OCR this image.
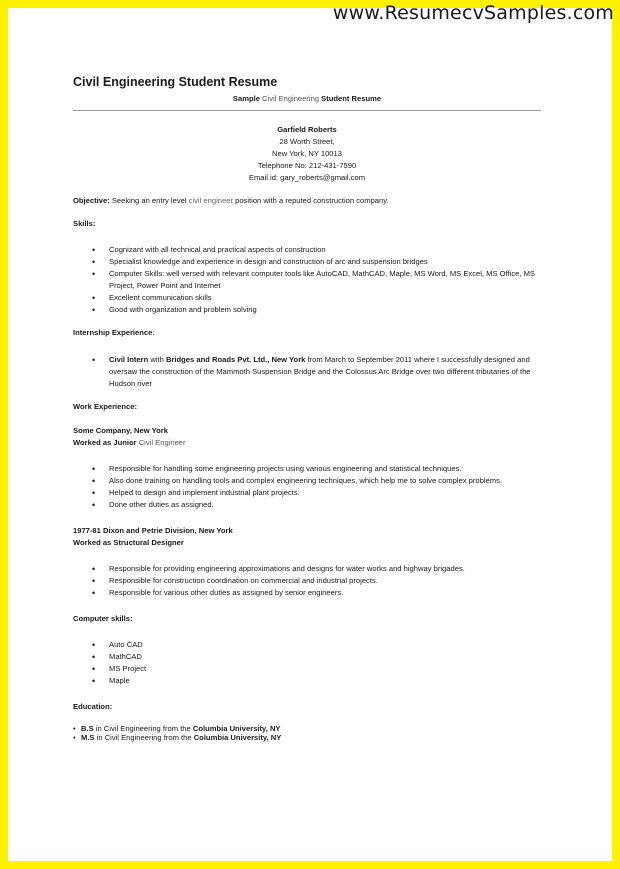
www.ResumecvSamples.com
Civil Engineering Student Resume
Sample Civil Engineering Student Resume
Garfield Roberts
28 Worth Street,
New York, NY 10013
Telephone No: 212-431-7590
Email id: gary_roberts@gmail.com
Objective: Seeking an entry level civil engineer position with a reputed construction company.
Skills:
• Cognizant with all technical and practical aspects of construction
• Specialist knowledge and experience in design and construction of arc and suspension bridges
• Computer Skills: well versed with relevant computer tools like AutoCAD, MathCAD, Maple, MS Word, MS Excel, MS Office, MS Project, Power Point and Internet
• Excellent communication skills
• Good with organization and problem solving
Internship Experience:
• Civil Intern with Bridges and Roads Pvt. Ltd., New York from March to September 2011 where I successfully designed and oversaw the construction of the Mammoth Suspension Bridge and the Colossus Arc Bridge over two different tributaries of the Hudson river
Work Experience:
Some Company, New York
Worked as Junior Civil Engineer
• Responsible for handling some engineering projects using various engineering and statistical techniques.
• Also done training on handling tools and complex engineering techniques, which help me to solve complex problems.
• Helped to design and implement industrial plant projects.
• Done other duties as assigned.
1977-81 Dixon and Petrie Division, New York
Worked as Structural Designer
• Responsible for providing engineering approximations and designs for water works and highway brigades.
• Responsible for construction coordination on commercial and industrial projects.
• Responsible for various other duties as assigned by senior engineers.
Computer skills:
• Auto CAD
• MathCAD
• MS Project
• Maple
Education:
• B.S in Civil Engineering from the Columbia University, NY
• M.S in Civil Engineering from the Columbia University, NY
